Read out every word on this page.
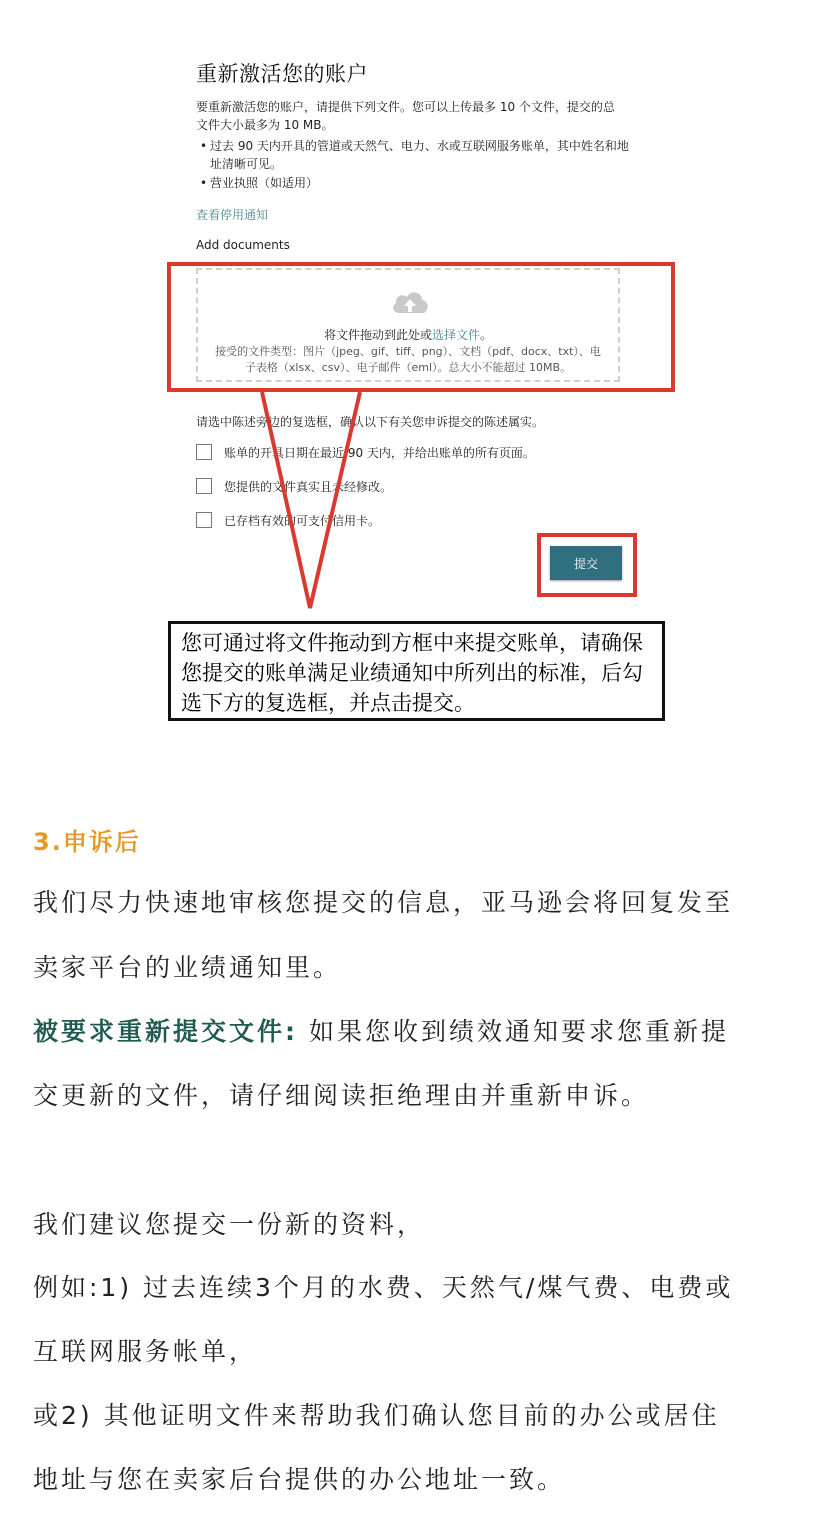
重新激活您的账户
要重新激活您的账户，请提供下列文件。您可以上传最多 10 个文件，提交的总文件大小最多为 10 MB。
• 过去 90 天内开具的管道或天然气、电力、水或互联网服务账单，其中姓名和地址清晰可见。
• 营业执照（如适用）
查看停用通知
Add documents
将文件拖动到此处或选择文件。
接受的文件类型：图片（jpeg、gif、tiff、png）、文档（pdf、docx、txt）、电子表格（xlsx、csv）、电子邮件（eml）。总大小不能超过 10MB。
请选中陈述旁边的复选框，确认以下有关您申诉提交的陈述属实。
账单的开具日期在最近 90 天内，并给出账单的所有页面。
您提供的文件真实且未经修改。
已存档有效的可支付信用卡。
提交
您可通过将文件拖动到方框中来提交账单，请确保您提交的账单满足业绩通知中所列出的标准，后勾选下方的复选框，并点击提交。
3.申诉后
我们尽力快速地审核您提交的信息，亚马逊会将回复发至
卖家平台的业绩通知里。
被要求重新提交文件: 如果您收到绩效通知要求您重新提
交更新的文件，请仔细阅读拒绝理由并重新申诉。
我们建议您提交一份新的资料，
例如:1) 过去连续3个月的水费、天然气/煤气费、电费或
互联网服务帐单，
或2) 其他证明文件来帮助我们确认您目前的办公或居住
地址与您在卖家后台提供的办公地址一致。
